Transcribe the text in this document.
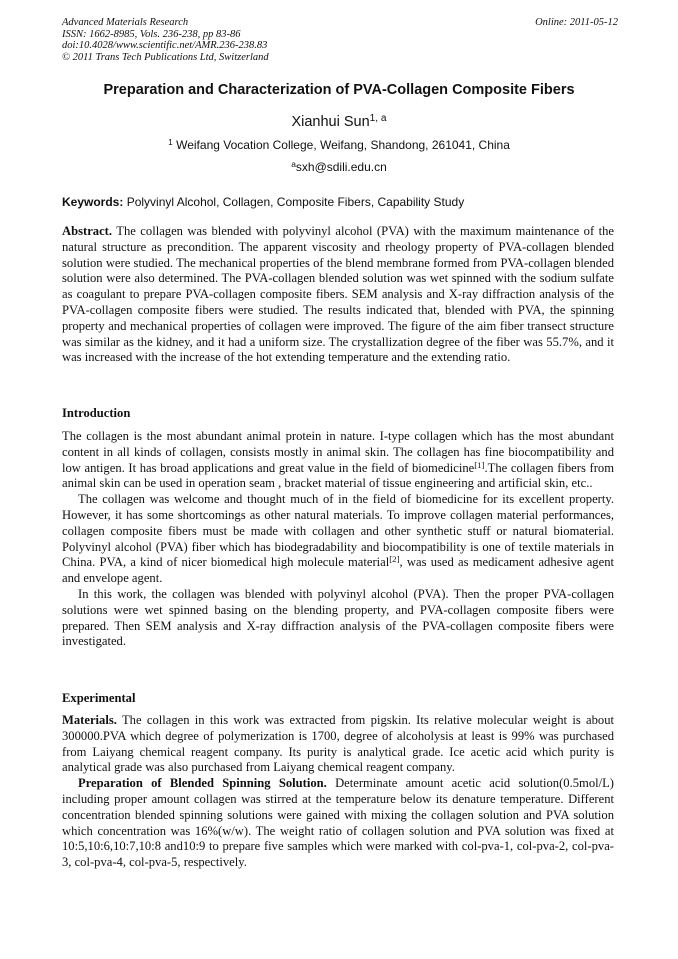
Advanced Materials Research
ISSN: 1662-8985, Vols. 236-238, pp 83-86
doi:10.4028/www.scientific.net/AMR.236-238.83
© 2011 Trans Tech Publications Ltd, Switzerland
Online: 2011-05-12
Preparation and Characterization of PVA-Collagen Composite Fibers
Xianhui Sun$^{1, a}$
$^1$ Weifang Vocation College, Weifang, Shandong, 261041, China
$^a$sxh@sdili.edu.cn
Keywords: Polyvinyl Alcohol, Collagen, Composite Fibers, Capability Study

Abstract. The collagen was blended with polyvinyl alcohol (PVA) with the maximum maintenance of the natural structure as precondition. The apparent viscosity and rheology property of PVA-collagen blended solution were studied. The mechanical properties of the blend membrane formed from PVA-collagen blended solution were also determined. The PVA-collagen blended solution was wet spinned with the sodium sulfate as coagulant to prepare PVA-collagen composite fibers. SEM analysis and X-ray diffraction analysis of the PVA-collagen composite fibers were studied. The results indicated that, blended with PVA, the spinning property and mechanical properties of collagen were improved. The figure of the aim fiber transect structure was similar as the kidney, and it had a uniform size. The crystallization degree of the fiber was 55.7%, and it was increased with the increase of the hot extending temperature and the extending ratio.

Introduction

The collagen is the most abundant animal protein in nature. I-type collagen which has the most abundant content in all kinds of collagen, consists mostly in animal skin. The collagen has fine biocompatibility and low antigen. It has broad applications and great value in the field of biomedicine[1].The collagen fibers from animal skin can be used in operation seam , bracket material of tissue engineering and artificial skin, etc..

The collagen was welcome and thought much of in the field of biomedicine for its excellent property. However, it has some shortcomings as other natural materials. To improve collagen material performances, collagen composite fibers must be made with collagen and other synthetic stuff or natural biomaterial. Polyvinyl alcohol (PVA) fiber which has biodegradability and biocompatibility is one of textile materials in China. PVA, a kind of nicer biomedical high molecule material[2], was used as medicament adhesive agent and envelope agent.

In this work, the collagen was blended with polyvinyl alcohol (PVA). Then the proper PVA-collagen solutions were wet spinned basing on the blending property, and PVA-collagen composite fibers were prepared. Then SEM analysis and X-ray diffraction analysis of the PVA-collagen composite fibers were investigated.

Experimental

Materials. The collagen in this work was extracted from pigskin. Its relative molecular weight is about 300000.PVA which degree of polymerization is 1700, degree of alcoholysis at least is 99% was purchased from Laiyang chemical reagent company. Its purity is analytical grade. Ice acetic acid which purity is analytical grade was also purchased from Laiyang chemical reagent company.

Preparation of Blended Spinning Solution. Determinate amount acetic acid solution(0.5mol/L) including proper amount collagen was stirred at the temperature below its denature temperature. Different concentration blended spinning solutions were gained with mixing the collagen solution and PVA solution which concentration was 16%(w/w). The weight ratio of collagen solution and PVA solution was fixed at 10:5,10:6,10:7,10:8 and10:9 to prepare five samples which were marked with col-pva-1, col-pva-2, col-pva-3, col-pva-4, col-pva-5, respectively.
